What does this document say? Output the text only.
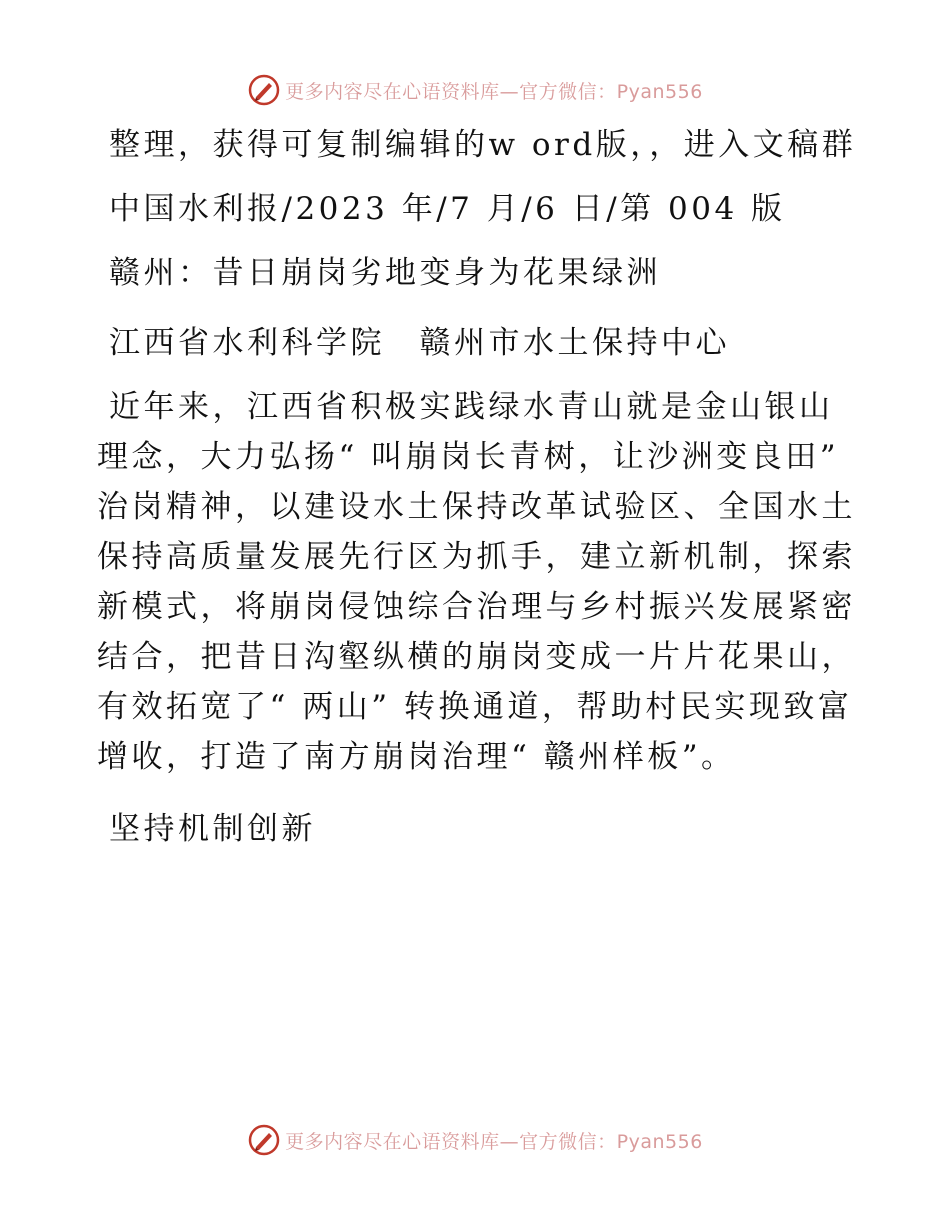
更多内容尽在心语资料库—官方微信：Pyan556

整理，获得可复制编辑的w ord版，，进入文稿群

中国水利报/2023 年/7 月/6 日/第 004 版

赣州：昔日崩岗劣地变身为花果绿洲

江西省水利科学院　赣州市水土保持中心

近年来，江西省积极实践绿水青山就是金山银山理念，大力弘扬“ 叫崩岗长青树，让沙洲变良田” 治岗精神，以建设水土保持改革试验区、全国水土保持高质量发展先行区为抓手，建立新机制，探索新模式，将崩岗侵蚀综合治理与乡村振兴发展紧密结合，把昔日沟壑纵横的崩岗变成一片片花果山，有效拓宽了“ 两山” 转换通道，帮助村民实现致富增收，打造了南方崩岗治理“ 赣州样板”。

坚持机制创新

更多内容尽在心语资料库—官方微信：Pyan556
